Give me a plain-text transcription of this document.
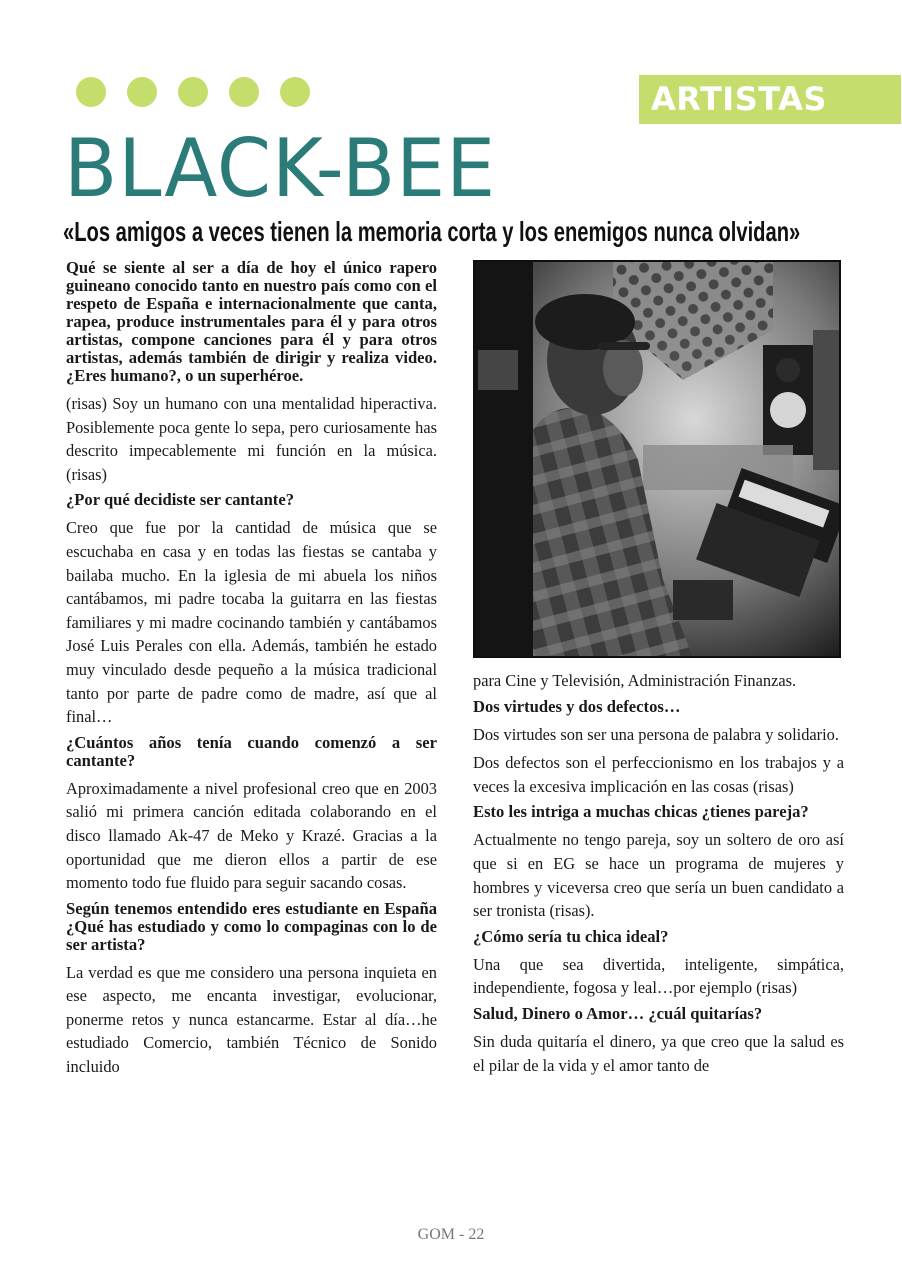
ARTISTAS
BLACK-BEE
«Los amigos a veces tienen la memoria corta y los enemigos nunca olvidan»

Qué se siente al ser a día de hoy el único rapero guineano conocido tanto en nuestro país como con el respeto de España e internacionalmente que canta, rapea, produce instrumentales para él y para otros artistas, compone canciones para él y para otros artistas, además también de dirigir y realiza video. ¿Eres humano?, o un superhéroe.

(risas) Soy un humano con una mentalidad hiperactiva. Posiblemente poca gente lo sepa, pero curiosamente has descrito impecablemente mi función en la música. (risas)

¿Por qué decidiste ser cantante?

Creo que fue por la cantidad de música que se escuchaba en casa y en todas las fiestas se cantaba y bailaba mucho. En la iglesia de mi abuela los niños cantábamos, mi padre tocaba la guitarra en las fiestas familiares y mi madre cocinando también y cantábamos José Luis Perales con ella. Además, también he estado muy vinculado desde pequeño a la música tradicional tanto por parte de padre como de madre, así que al final…

¿Cuántos años tenía cuando comenzó a ser cantante?

Aproximadamente a nivel profesional creo que en 2003 salió mi primera canción editada colaborando en el disco llamado Ak-47 de Meko y Krazé. Gracias a la oportunidad que me dieron ellos a partir de ese momento todo fue fluido para seguir sacando cosas.

Según tenemos entendido eres estudiante en España ¿Qué has estudiado y como lo compaginas con lo de ser artista?

La verdad es que me considero una persona inquieta en ese aspecto, me encanta investigar, evolucionar, ponerme retos y nunca estancarme. Estar al día…he estudiado Comercio, también Técnico de Sonido incluido

para Cine y Televisión, Administración Finanzas.

Dos virtudes y dos defectos…

Dos virtudes son ser una persona de palabra y solidario.

Dos defectos son el perfeccionismo en los trabajos y a veces la excesiva implicación en las cosas (risas)

Esto les intriga a muchas chicas ¿tienes pareja?

Actualmente no tengo pareja, soy un soltero de oro así que si en EG se hace un programa de mujeres y hombres y viceversa creo que sería un buen candidato a ser tronista (risas).

¿Cómo sería tu chica ideal?

Una que sea divertida, inteligente, simpática, independiente, fogosa y leal…por ejemplo (risas)

Salud, Dinero o Amor… ¿cuál quitarías?

Sin duda quitaría el dinero, ya que creo que la salud es el pilar de la vida y el amor tanto de

GOM - 22
